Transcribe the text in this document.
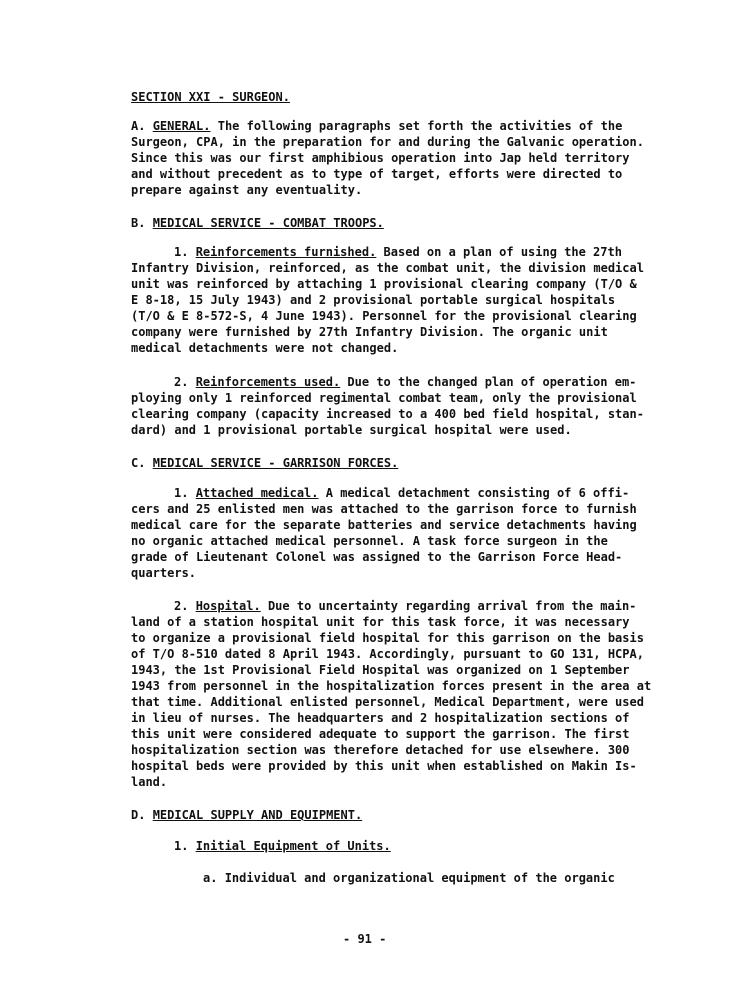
SECTION XXI - SURGEON.
A. GENERAL. The following paragraphs set forth the activities of the
Surgeon, CPA, in the preparation for and during the Galvanic operation.
Since this was our first amphibious operation into Jap held territory
and without precedent as to type of target, efforts were directed to
prepare against any eventuality.
B. MEDICAL SERVICE - COMBAT TROOPS.
1. Reinforcements furnished. Based on a plan of using the 27th
Infantry Division, reinforced, as the combat unit, the division medical
unit was reinforced by attaching 1 provisional clearing company (T/O &
E 8-18, 15 July 1943) and 2 provisional portable surgical hospitals
(T/O & E 8-572-S, 4 June 1943). Personnel for the provisional clearing
company were furnished by 27th Infantry Division. The organic unit
medical detachments were not changed.
2. Reinforcements used. Due to the changed plan of operation em-
ploying only 1 reinforced regimental combat team, only the provisional
clearing company (capacity increased to a 400 bed field hospital, stan-
dard) and 1 provisional portable surgical hospital were used.
C. MEDICAL SERVICE - GARRISON FORCES.
1. Attached medical. A medical detachment consisting of 6 offi-
cers and 25 enlisted men was attached to the garrison force to furnish
medical care for the separate batteries and service detachments having
no organic attached medical personnel. A task force surgeon in the
grade of Lieutenant Colonel was assigned to the Garrison Force Head-
quarters.
2. Hospital. Due to uncertainty regarding arrival from the main-
land of a station hospital unit for this task force, it was necessary
to organize a provisional field hospital for this garrison on the basis
of T/O 8-510 dated 8 April 1943. Accordingly, pursuant to GO 131, HCPA,
1943, the 1st Provisional Field Hospital was organized on 1 September
1943 from personnel in the hospitalization forces present in the area at
that time. Additional enlisted personnel, Medical Department, were used
in lieu of nurses. The headquarters and 2 hospitalization sections of
this unit were considered adequate to support the garrison. The first
hospitalization section was therefore detached for use elsewhere. 300
hospital beds were provided by this unit when established on Makin Is-
land.
D. MEDICAL SUPPLY AND EQUIPMENT.
1. Initial Equipment of Units.
a. Individual and organizational equipment of the organic
- 91 -
